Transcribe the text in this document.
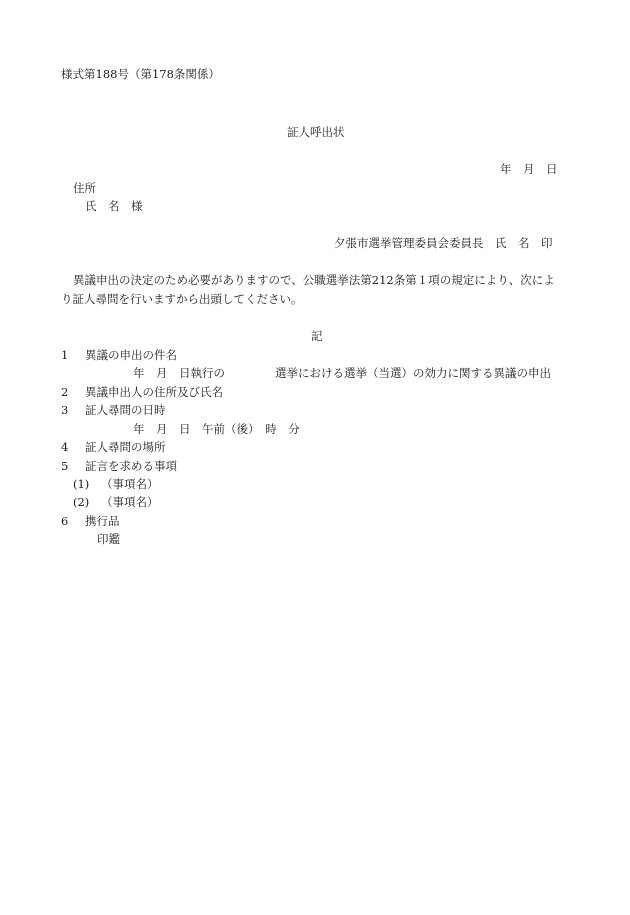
様式第188号（第178条関係）
証人呼出状
年　月　日
住所
氏　名　様
夕張市選挙管理委員会委員長　氏　名　印
異議申出の決定のため必要がありますので、公職選挙法第212条第１項の規定により、次によ
り証人尋問を行いますから出頭してください。
記
1 異議の申出の件名
年　月　日執行の	選挙における選挙（当選）の効力に関する異議の申出
2 異議申出人の住所及び氏名
3 証人尋問の日時
年　月　日　午前（後）　時　分
4 証人尋問の場所
5 証言を求める事項
(1) （事項名）
(2) （事項名）
6 携行品
印鑑
